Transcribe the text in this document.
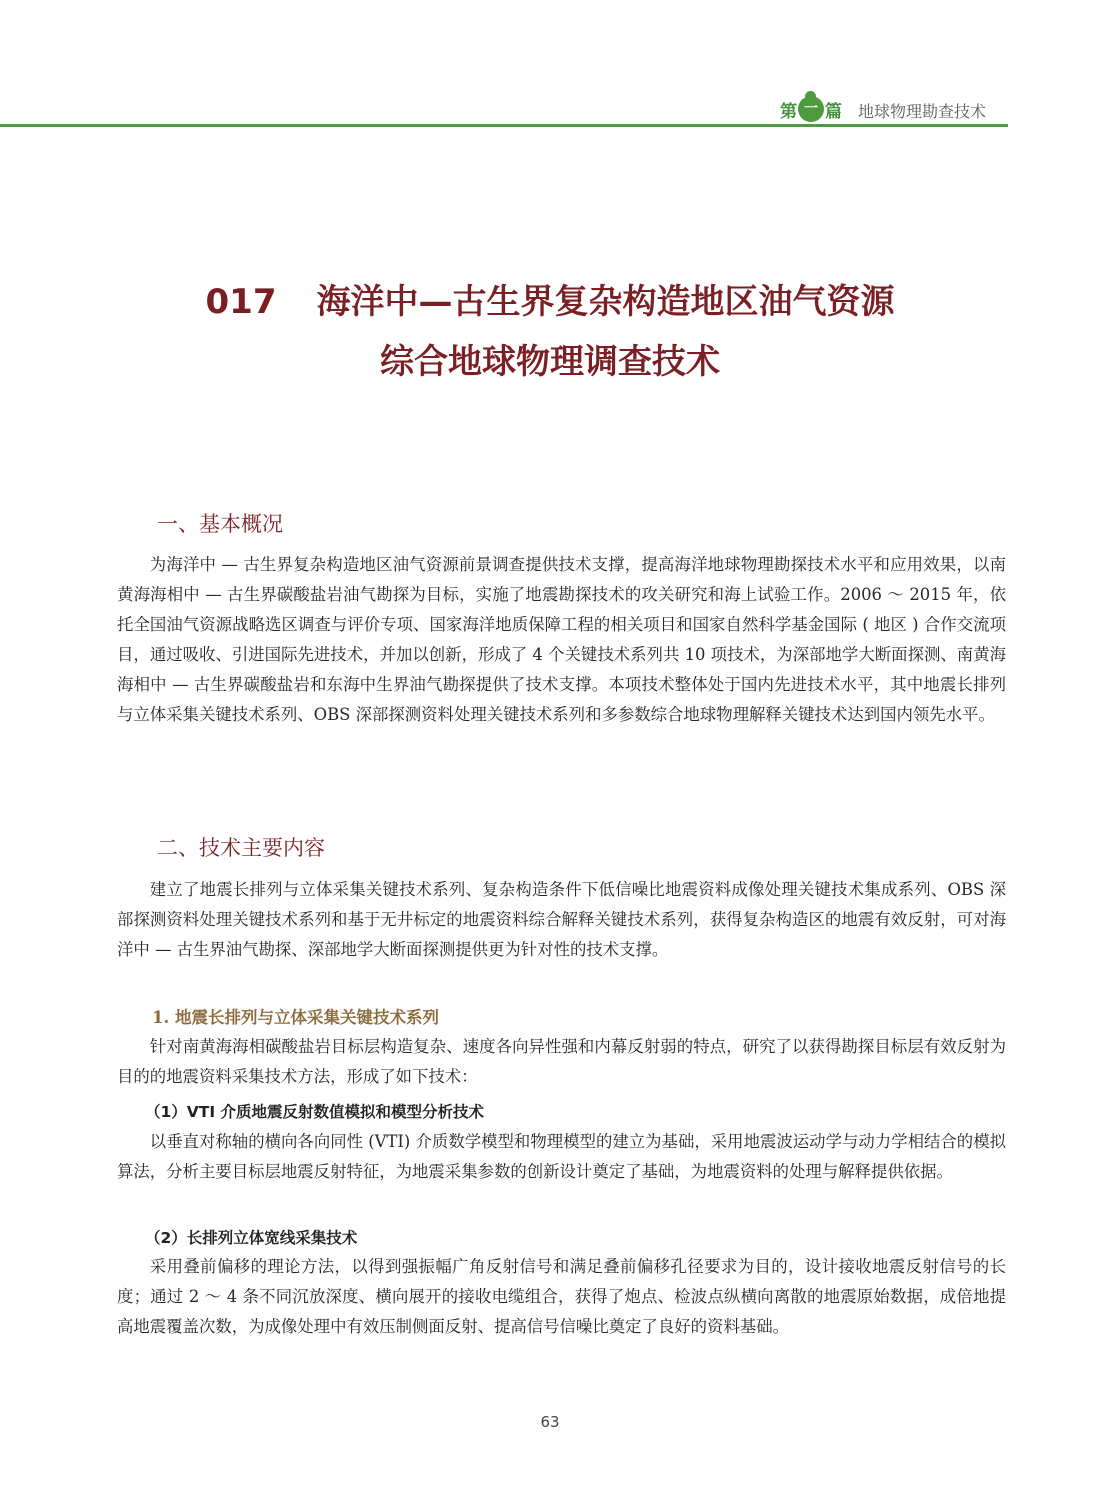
第 一 篇 地球物理勘查技术
017 海洋中—古生界复杂构造地区油气资源
综合地球物理调查技术
一、基本概况

为海洋中 — 古生界复杂构造地区油气资源前景调查提供技术支撑，提高海洋地球物理勘探技术水平和应用效果，以南黄海海相中 — 古生界碳酸盐岩油气勘探为目标，实施了地震勘探技术的攻关研究和海上试验工作。2006 ～ 2015 年，依托全国油气资源战略选区调查与评价专项、国家海洋地质保障工程的相关项目和国家自然科学基金国际 ( 地区 ) 合作交流项目，通过吸收、引进国际先进技术，并加以创新，形成了 4 个关键技术系列共 10 项技术，为深部地学大断面探测、南黄海海相中 — 古生界碳酸盐岩和东海中生界油气勘探提供了技术支撑。本项技术整体处于国内先进技术水平，其中地震长排列与立体采集关键技术系列、OBS 深部探测资料处理关键技术系列和多参数综合地球物理解释关键技术达到国内领先水平。

二、技术主要内容

建立了地震长排列与立体采集关键技术系列、复杂构造条件下低信噪比地震资料成像处理关键技术集成系列、OBS 深部探测资料处理关键技术系列和基于无井标定的地震资料综合解释关键技术系列，获得复杂构造区的地震有效反射，可对海洋中 — 古生界油气勘探、深部地学大断面探测提供更为针对性的技术支撑。

1. 地震长排列与立体采集关键技术系列

针对南黄海海相碳酸盐岩目标层构造复杂、速度各向异性强和内幕反射弱的特点，研究了以获得勘探目标层有效反射为目的的地震资料采集技术方法，形成了如下技术：

（1）VTI 介质地震反射数值模拟和模型分析技术

以垂直对称轴的横向各向同性 (VTI) 介质数学模型和物理模型的建立为基础，采用地震波运动学与动力学相结合的模拟算法，分析主要目标层地震反射特征，为地震采集参数的创新设计奠定了基础，为地震资料的处理与解释提供依据。

（2）长排列立体宽线采集技术

采用叠前偏移的理论方法，以得到强振幅广角反射信号和满足叠前偏移孔径要求为目的，设计接收地震反射信号的长度；通过 2 ～ 4 条不同沉放深度、横向展开的接收电缆组合，获得了炮点、检波点纵横向离散的地震原始数据，成倍地提高地震覆盖次数，为成像处理中有效压制侧面反射、提高信号信噪比奠定了良好的资料基础。

63
